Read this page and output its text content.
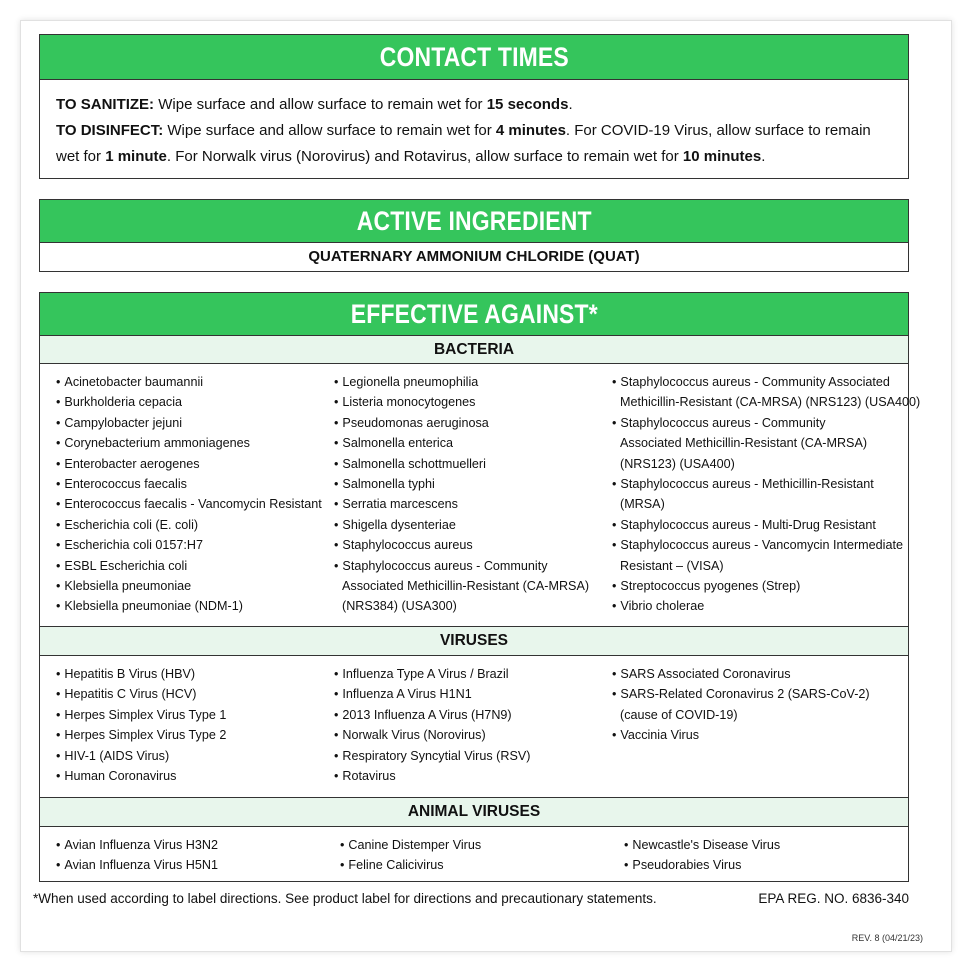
CONTACT TIMES
TO SANITIZE: Wipe surface and allow surface to remain wet for 15 seconds.
TO DISINFECT: Wipe surface and allow surface to remain wet for 4 minutes. For COVID-19 Virus, allow surface to remain wet for 1 minute. For Norwalk virus (Norovirus) and Rotavirus, allow surface to remain wet for 10 minutes.
ACTIVE INGREDIENT
QUATERNARY AMMONIUM CHLORIDE (QUAT)
EFFECTIVE AGAINST*
BACTERIA
• Acinetobacter baumannii
• Burkholderia cepacia
• Campylobacter jejuni
• Corynebacterium ammoniagenes
• Enterobacter aerogenes
• Enterococcus faecalis
• Enterococcus faecalis - Vancomycin Resistant
• Escherichia coli (E. coli)
• Escherichia coli 0157:H7
• ESBL Escherichia coli
• Klebsiella pneumoniae
• Klebsiella pneumoniae (NDM-1)
• Legionella pneumophilia
• Listeria monocytogenes
• Pseudomonas aeruginosa
• Salmonella enterica
• Salmonella schottmuelleri
• Salmonella typhi
• Serratia marcescens
• Shigella dysenteriae
• Staphylococcus aureus
• Staphylococcus aureus - Community
Associated Methicillin-Resistant (CA-MRSA)
(NRS384) (USA300)
• Staphylococcus aureus - Community Associated
Methicillin-Resistant (CA-MRSA) (NRS123) (USA400)
• Staphylococcus aureus - Community
Associated Methicillin-Resistant (CA-MRSA)
(NRS123) (USA400)
• Staphylococcus aureus - Methicillin-Resistant
(MRSA)
• Staphylococcus aureus - Multi-Drug Resistant
• Staphylococcus aureus - Vancomycin Intermediate
Resistant – (VISA)
• Streptococcus pyogenes (Strep)
• Vibrio cholerae
VIRUSES
• Hepatitis B Virus (HBV)
• Hepatitis C Virus (HCV)
• Herpes Simplex Virus Type 1
• Herpes Simplex Virus Type 2
• HIV-1 (AIDS Virus)
• Human Coronavirus
• Influenza Type A Virus / Brazil
• Influenza A Virus H1N1
• 2013 Influenza A Virus (H7N9)
• Norwalk Virus (Norovirus)
• Respiratory Syncytial Virus (RSV)
• Rotavirus
• SARS Associated Coronavirus
• SARS-Related Coronavirus 2 (SARS-CoV-2)
(cause of COVID-19)
• Vaccinia Virus
ANIMAL VIRUSES
• Avian Influenza Virus H3N2
• Avian Influenza Virus H5N1
• Canine Distemper Virus
• Feline Calicivirus
• Newcastle's Disease Virus
• Pseudorabies Virus
*When used according to label directions. See product label for directions and precautionary statements.	EPA REG. NO. 6836-340
REV. 8 (04/21/23)
